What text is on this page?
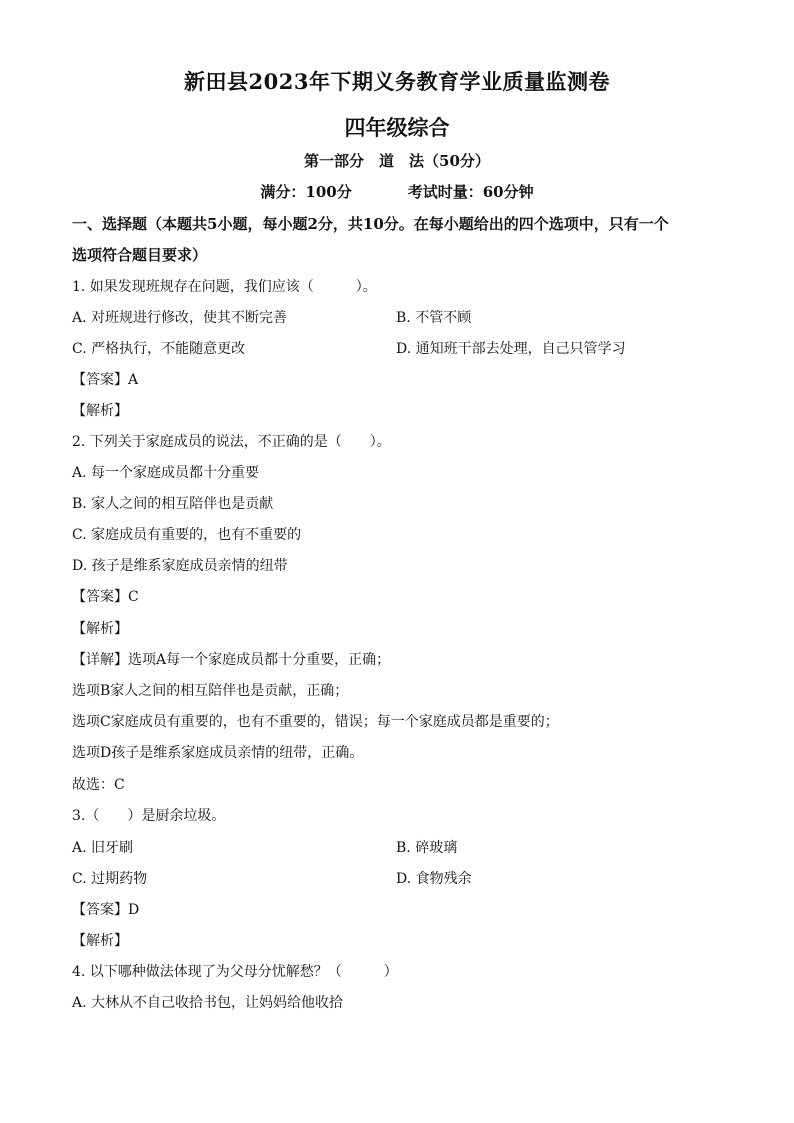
新田县2023年下期义务教育学业质量监测卷
四年级综合
第一部分　道　法（50分）
满分：100分	考试时量：60分钟
一、选择题（本题共5小题，每小题2分，共10分。在每小题给出的四个选项中，只有一个
选项符合题目要求）
1. 如果发现班规存在问题，我们应该（　　　）。
A. 对班规进行修改，使其不断完善	B. 不管不顾
C. 严格执行，不能随意更改	D. 通知班干部去处理，自己只管学习
【答案】A
【解析】
2. 下列关于家庭成员的说法，不正确的是（　　）。
A. 每一个家庭成员都十分重要
B. 家人之间的相互陪伴也是贡献
C. 家庭成员有重要的，也有不重要的
D. 孩子是维系家庭成员亲情的纽带
【答案】C
【解析】
【详解】选项A每一个家庭成员都十分重要，正确；
选项B家人之间的相互陪伴也是贡献，正确；
选项C家庭成员有重要的，也有不重要的，错误；每一个家庭成员都是重要的；
选项D孩子是维系家庭成员亲情的纽带，正确。
故选：C
3.（　　）是厨余垃圾。
A. 旧牙刷	B. 碎玻璃
C. 过期药物	D. 食物残余
【答案】D
【解析】
4. 以下哪种做法体现了为父母分忧解愁？（　　　）
A. 大林从不自己收拾书包，让妈妈给他收拾
